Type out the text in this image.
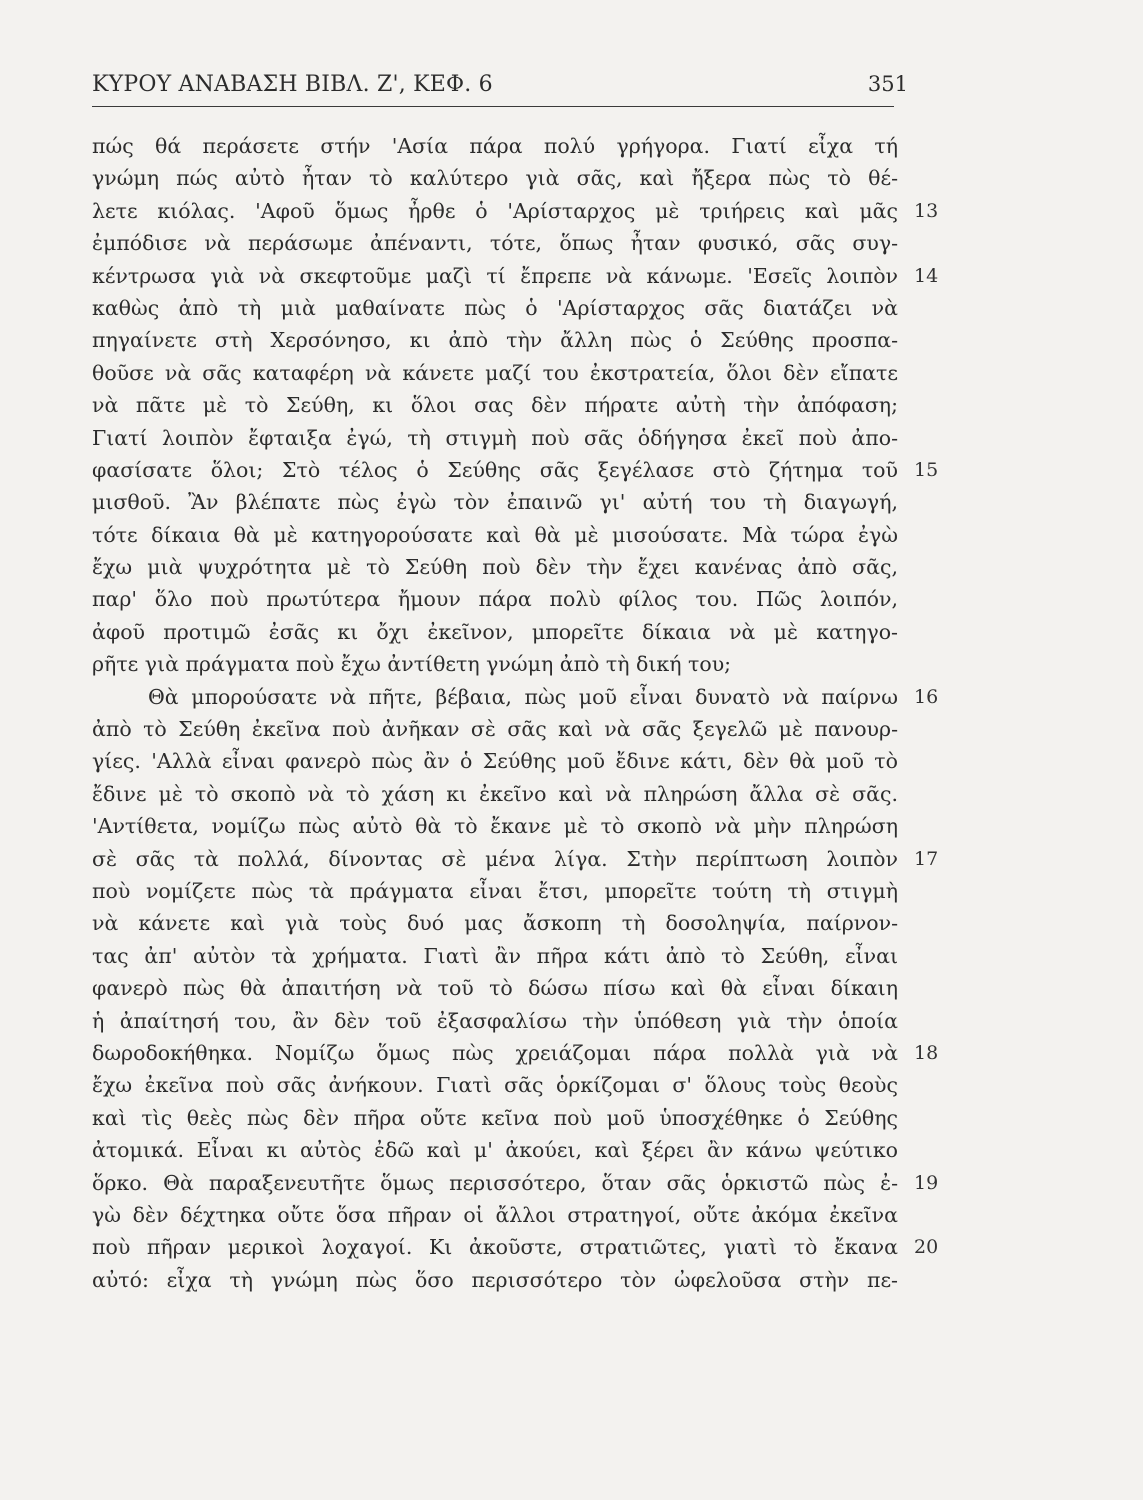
ΚΥΡΟΥ ΑΝΑΒΑΣΗ ΒΙΒΛ. Ζ', ΚΕΦ. 6	351
πώς θά περάσετε στήν 'Ασία πάρα πολύ γρήγορα. Γιατί εἶχα τή
γνώμη πώς αὐτὸ ἦταν τὸ καλύτερο γιὰ σᾶς, καὶ ἤξερα πὼς τὸ θέ-
λετε κιόλας. 'Αφοῦ ὅμως ἦρθε ὁ 'Αρίσταρχος μὲ τριήρεις καὶ μᾶς 13
ἐμπόδισε νὰ περάσωμε ἀπέναντι, τότε, ὅπως ἦταν φυσικό, σᾶς συγ-
κέντρωσα γιὰ νὰ σκεφτοῦμε μαζὶ τί ἔπρεπε νὰ κάνωμε. 'Εσεῖς λοιπὸν 14
καθὼς ἀπὸ τὴ μιὰ μαθαίνατε πὼς ὁ 'Αρίσταρχος σᾶς διατάζει νὰ
πηγαίνετε στὴ Χερσόνησο, κι ἀπὸ τὴν ἄλλη πὼς ὁ Σεύθης προσπα-
θοῦσε νὰ σᾶς καταφέρη νὰ κάνετε μαζί του ἐκστρατεία, ὅλοι δὲν εἴπατε
νὰ πᾶτε μὲ τὸ Σεύθη, κι ὅλοι σας δὲν πήρατε αὐτὴ τὴν ἀπόφαση;
Γιατί λοιπὸν ἔφταιξα ἐγώ, τὴ στιγμὴ ποὺ σᾶς ὁδήγησα ἐκεῖ ποὺ ἀπο-
φασίσατε ὅλοι; Στὸ τέλος ὁ Σεύθης σᾶς ξεγέλασε στὸ ζήτημα τοῦ 15
μισθοῦ. Ἂν βλέπατε πὼς ἐγὼ τὸν ἐπαινῶ γι' αὐτή του τὴ διαγωγή,
τότε δίκαια θὰ μὲ κατηγορούσατε καὶ θὰ μὲ μισούσατε. Μὰ τώρα ἐγὼ
ἔχω μιὰ ψυχρότητα μὲ τὸ Σεύθη ποὺ δὲν τὴν ἔχει κανένας ἀπὸ σᾶς,
παρ' ὅλο ποὺ πρωτύτερα ἤμουν πάρα πολὺ φίλος του. Πῶς λοιπόν,
ἀφοῦ προτιμῶ ἐσᾶς κι ὄχι ἐκεῖνον, μπορεῖτε δίκαια νὰ μὲ κατηγο-
ρῆτε γιὰ πράγματα ποὺ ἔχω ἀντίθετη γνώμη ἀπὸ τὴ δική του;
Θὰ μπορούσατε νὰ πῆτε, βέβαια, πὼς μοῦ εἶναι δυνατὸ νὰ παίρνω 16
ἀπὸ τὸ Σεύθη ἐκεῖνα ποὺ ἀνῆκαν σὲ σᾶς καὶ νὰ σᾶς ξεγελῶ μὲ πανουρ-
γίες. 'Αλλὰ εἶναι φανερὸ πὼς ἂν ὁ Σεύθης μοῦ ἔδινε κάτι, δὲν θὰ μοῦ τὸ
ἔδινε μὲ τὸ σκοπὸ νὰ τὸ χάση κι ἐκεῖνο καὶ νὰ πληρώση ἄλλα σὲ σᾶς.
'Αντίθετα, νομίζω πὼς αὐτὸ θὰ τὸ ἔκανε μὲ τὸ σκοπὸ νὰ μὴν πληρώση
σὲ σᾶς τὰ πολλά, δίνοντας σὲ μένα λίγα. Στὴν περίπτωση λοιπὸν 17
ποὺ νομίζετε πὼς τὰ πράγματα εἶναι ἔτσι, μπορεῖτε τούτη τὴ στιγμὴ
νὰ κάνετε καὶ γιὰ τοὺς δυό μας ἄσκοπη τὴ δοσοληψία, παίρνον-
τας ἀπ' αὐτὸν τὰ χρήματα. Γιατὶ ἂν πῆρα κάτι ἀπὸ τὸ Σεύθη, εἶναι
φανερὸ πὼς θὰ ἀπαιτήση νὰ τοῦ τὸ δώσω πίσω καὶ θὰ εἶναι δίκαιη
ἡ ἀπαίτησή του, ἂν δὲν τοῦ ἐξασφαλίσω τὴν ὑπόθεση γιὰ τὴν ὁποία
δωροδοκήθηκα. Νομίζω ὅμως πὼς χρειάζομαι πάρα πολλὰ γιὰ νὰ 18
ἔχω ἐκεῖνα ποὺ σᾶς ἀνήκουν. Γιατὶ σᾶς ὁρκίζομαι σ' ὅλους τοὺς θεοὺς
καὶ τὶς θεὲς πὼς δὲν πῆρα οὔτε κεῖνα ποὺ μοῦ ὑποσχέθηκε ὁ Σεύθης
ἀτομικά. Εἶναι κι αὐτὸς ἐδῶ καὶ μ' ἀκούει, καὶ ξέρει ἂν κάνω ψεύτικο
ὅρκο. Θὰ παραξενευτῆτε ὅμως περισσότερο, ὅταν σᾶς ὁρκιστῶ πὼς ἐ- 19
γὼ δὲν δέχτηκα οὔτε ὅσα πῆραν οἱ ἄλλοι στρατηγοί, οὔτε ἀκόμα ἐκεῖνα
ποὺ πῆραν μερικοὶ λοχαγοί. Κι ἀκοῦστε, στρατιῶτες, γιατὶ τὸ ἔκανα 20
αὐτό: εἶχα τὴ γνώμη πὼς ὅσο περισσότερο τὸν ὠφελοῦσα στὴν πε-
